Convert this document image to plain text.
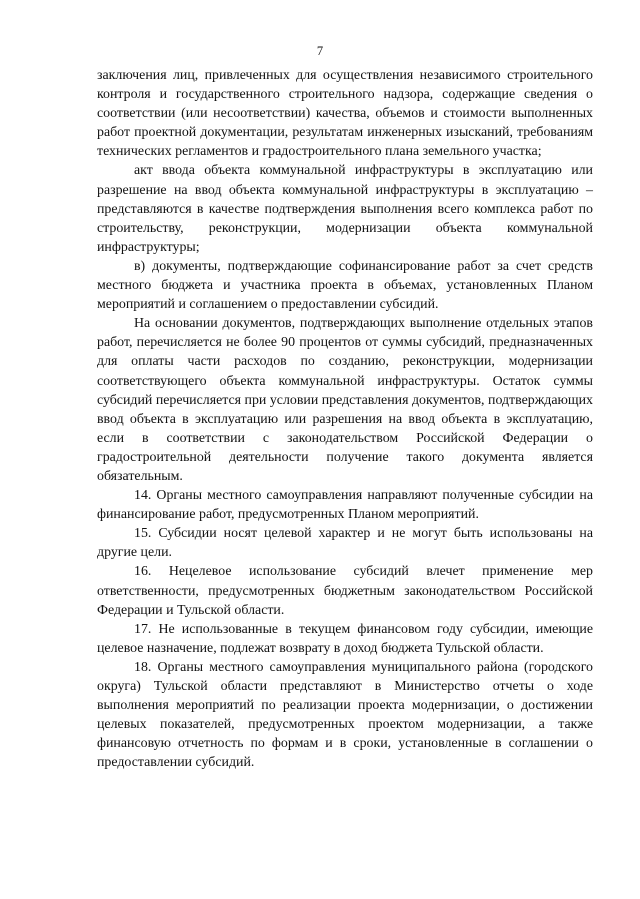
7

заключения лиц, привлеченных для осуществления независимого строительного контроля и государственного строительного надзора, содержащие сведения о соответствии (или несоответствии) качества, объемов и стоимости выполненных работ проектной документации, результатам инженерных изысканий, требованиям технических регламентов и градостроительного плана земельного участка;

акт ввода объекта коммунальной инфраструктуры в эксплуатацию или разрешение на ввод объекта коммунальной инфраструктуры в эксплуатацию – представляются в качестве подтверждения выполнения всего комплекса работ по строительству, реконструкции, модернизации объекта коммунальной инфраструктуры;

в) документы, подтверждающие софинансирование работ за счет средств местного бюджета и участника проекта в объемах, установленных Планом мероприятий и соглашением о предоставлении субсидий.

На основании документов, подтверждающих выполнение отдельных этапов работ, перечисляется не более 90 процентов от суммы субсидий, предназначенных для оплаты части расходов по созданию, реконструкции, модернизации соответствующего объекта коммунальной инфраструктуры. Остаток суммы субсидий перечисляется при условии представления документов, подтверждающих ввод объекта в эксплуатацию или разрешения на ввод объекта в эксплуатацию, если в соответствии с законодательством Российской Федерации о градостроительной деятельности получение такого документа является обязательным.

14. Органы местного самоуправления направляют полученные субсидии на финансирование работ, предусмотренных Планом мероприятий.

15. Субсидии носят целевой характер и не могут быть использованы на другие цели.

16. Нецелевое использование субсидий влечет применение мер ответственности, предусмотренных бюджетным законодательством Российской Федерации и Тульской области.

17. Не использованные в текущем финансовом году субсидии, имеющие целевое назначение, подлежат возврату в доход бюджета Тульской области.

18. Органы местного самоуправления муниципального района (городского округа) Тульской области представляют в Министерство отчеты о ходе выполнения мероприятий по реализации проекта модернизации, о достижении целевых показателей, предусмотренных проектом модернизации, а также финансовую отчетность по формам и в сроки, установленные в соглашении о предоставлении субсидий.
